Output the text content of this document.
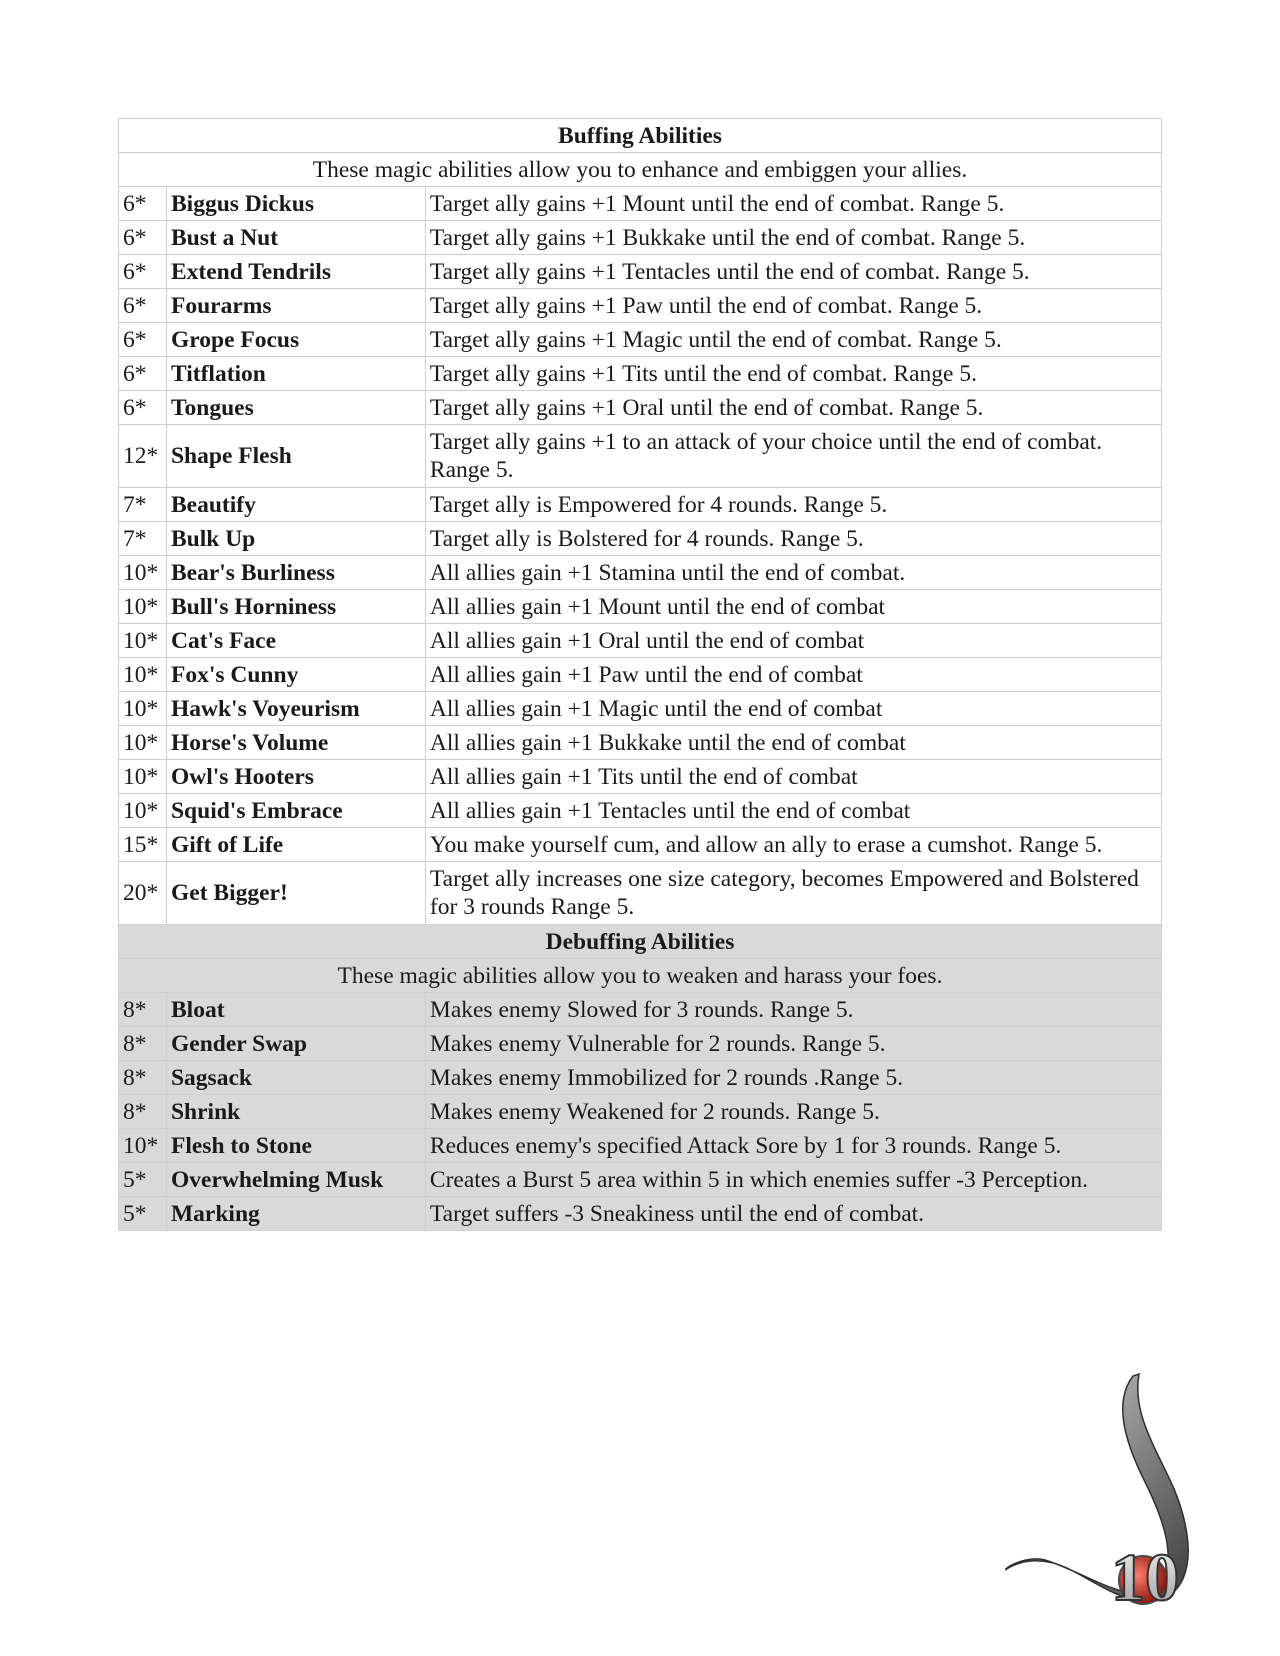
Buffing Abilities		
These magic abilities allow you to enhance and embiggen your allies.		
6*	Biggus Dickus	Target ally gains +1 Mount until the end of combat. Range 5.
6*	Bust a Nut	Target ally gains +1 Bukkake until the end of combat. Range 5.
6*	Extend Tendrils	Target ally gains +1 Tentacles until the end of combat. Range 5.
6*	Fourarms	Target ally gains +1 Paw until the end of combat. Range 5.
6*	Grope Focus	Target ally gains +1 Magic until the end of combat. Range 5.
6*	Titflation	Target ally gains +1 Tits until the end of combat. Range 5.
6*	Tongues	Target ally gains +1 Oral until the end of combat. Range 5.
12*	Shape Flesh	Target ally gains +1 to an attack of your choice until the end of combat. Range 5.
7*	Beautify	Target ally is Empowered for 4 rounds. Range 5.
7*	Bulk Up	Target ally is Bolstered for 4 rounds. Range 5.
10*	Bear's Burliness	All allies gain +1 Stamina until the end of combat.
10*	Bull's Horniness	All allies gain +1 Mount until the end of combat
10*	Cat's Face	All allies gain +1 Oral until the end of combat
10*	Fox's Cunny	All allies gain +1 Paw until the end of combat
10*	Hawk's Voyeurism	All allies gain +1 Magic until the end of combat
10*	Horse's Volume	All allies gain +1 Bukkake until the end of combat
10*	Owl's Hooters	All allies gain +1 Tits until the end of combat
10*	Squid's Embrace	All allies gain +1 Tentacles until the end of combat
15*	Gift of Life	You make yourself cum, and allow an ally to erase a cumshot. Range 5.
20*	Get Bigger!	Target ally increases one size category, becomes Empowered and Bolstered for 3 rounds Range 5.
Debuffing Abilities		
These magic abilities allow you to weaken and harass your foes.		
8*	Bloat	Makes enemy Slowed for 3 rounds. Range 5.
8*	Gender Swap	Makes enemy Vulnerable for 2 rounds. Range 5.
8*	Sagsack	Makes enemy Immobilized for 2 rounds .Range 5.
8*	Shrink	Makes enemy Weakened for 2 rounds. Range 5.
10*	Flesh to Stone	Reduces enemy's specified Attack Sore by 1 for 3 rounds. Range 5.
5*	Overwhelming Musk	Creates a Burst 5 area within 5 in which enemies suffer -3 Perception.
5*	Marking	Target suffers -3 Sneakiness until the end of combat.
10
